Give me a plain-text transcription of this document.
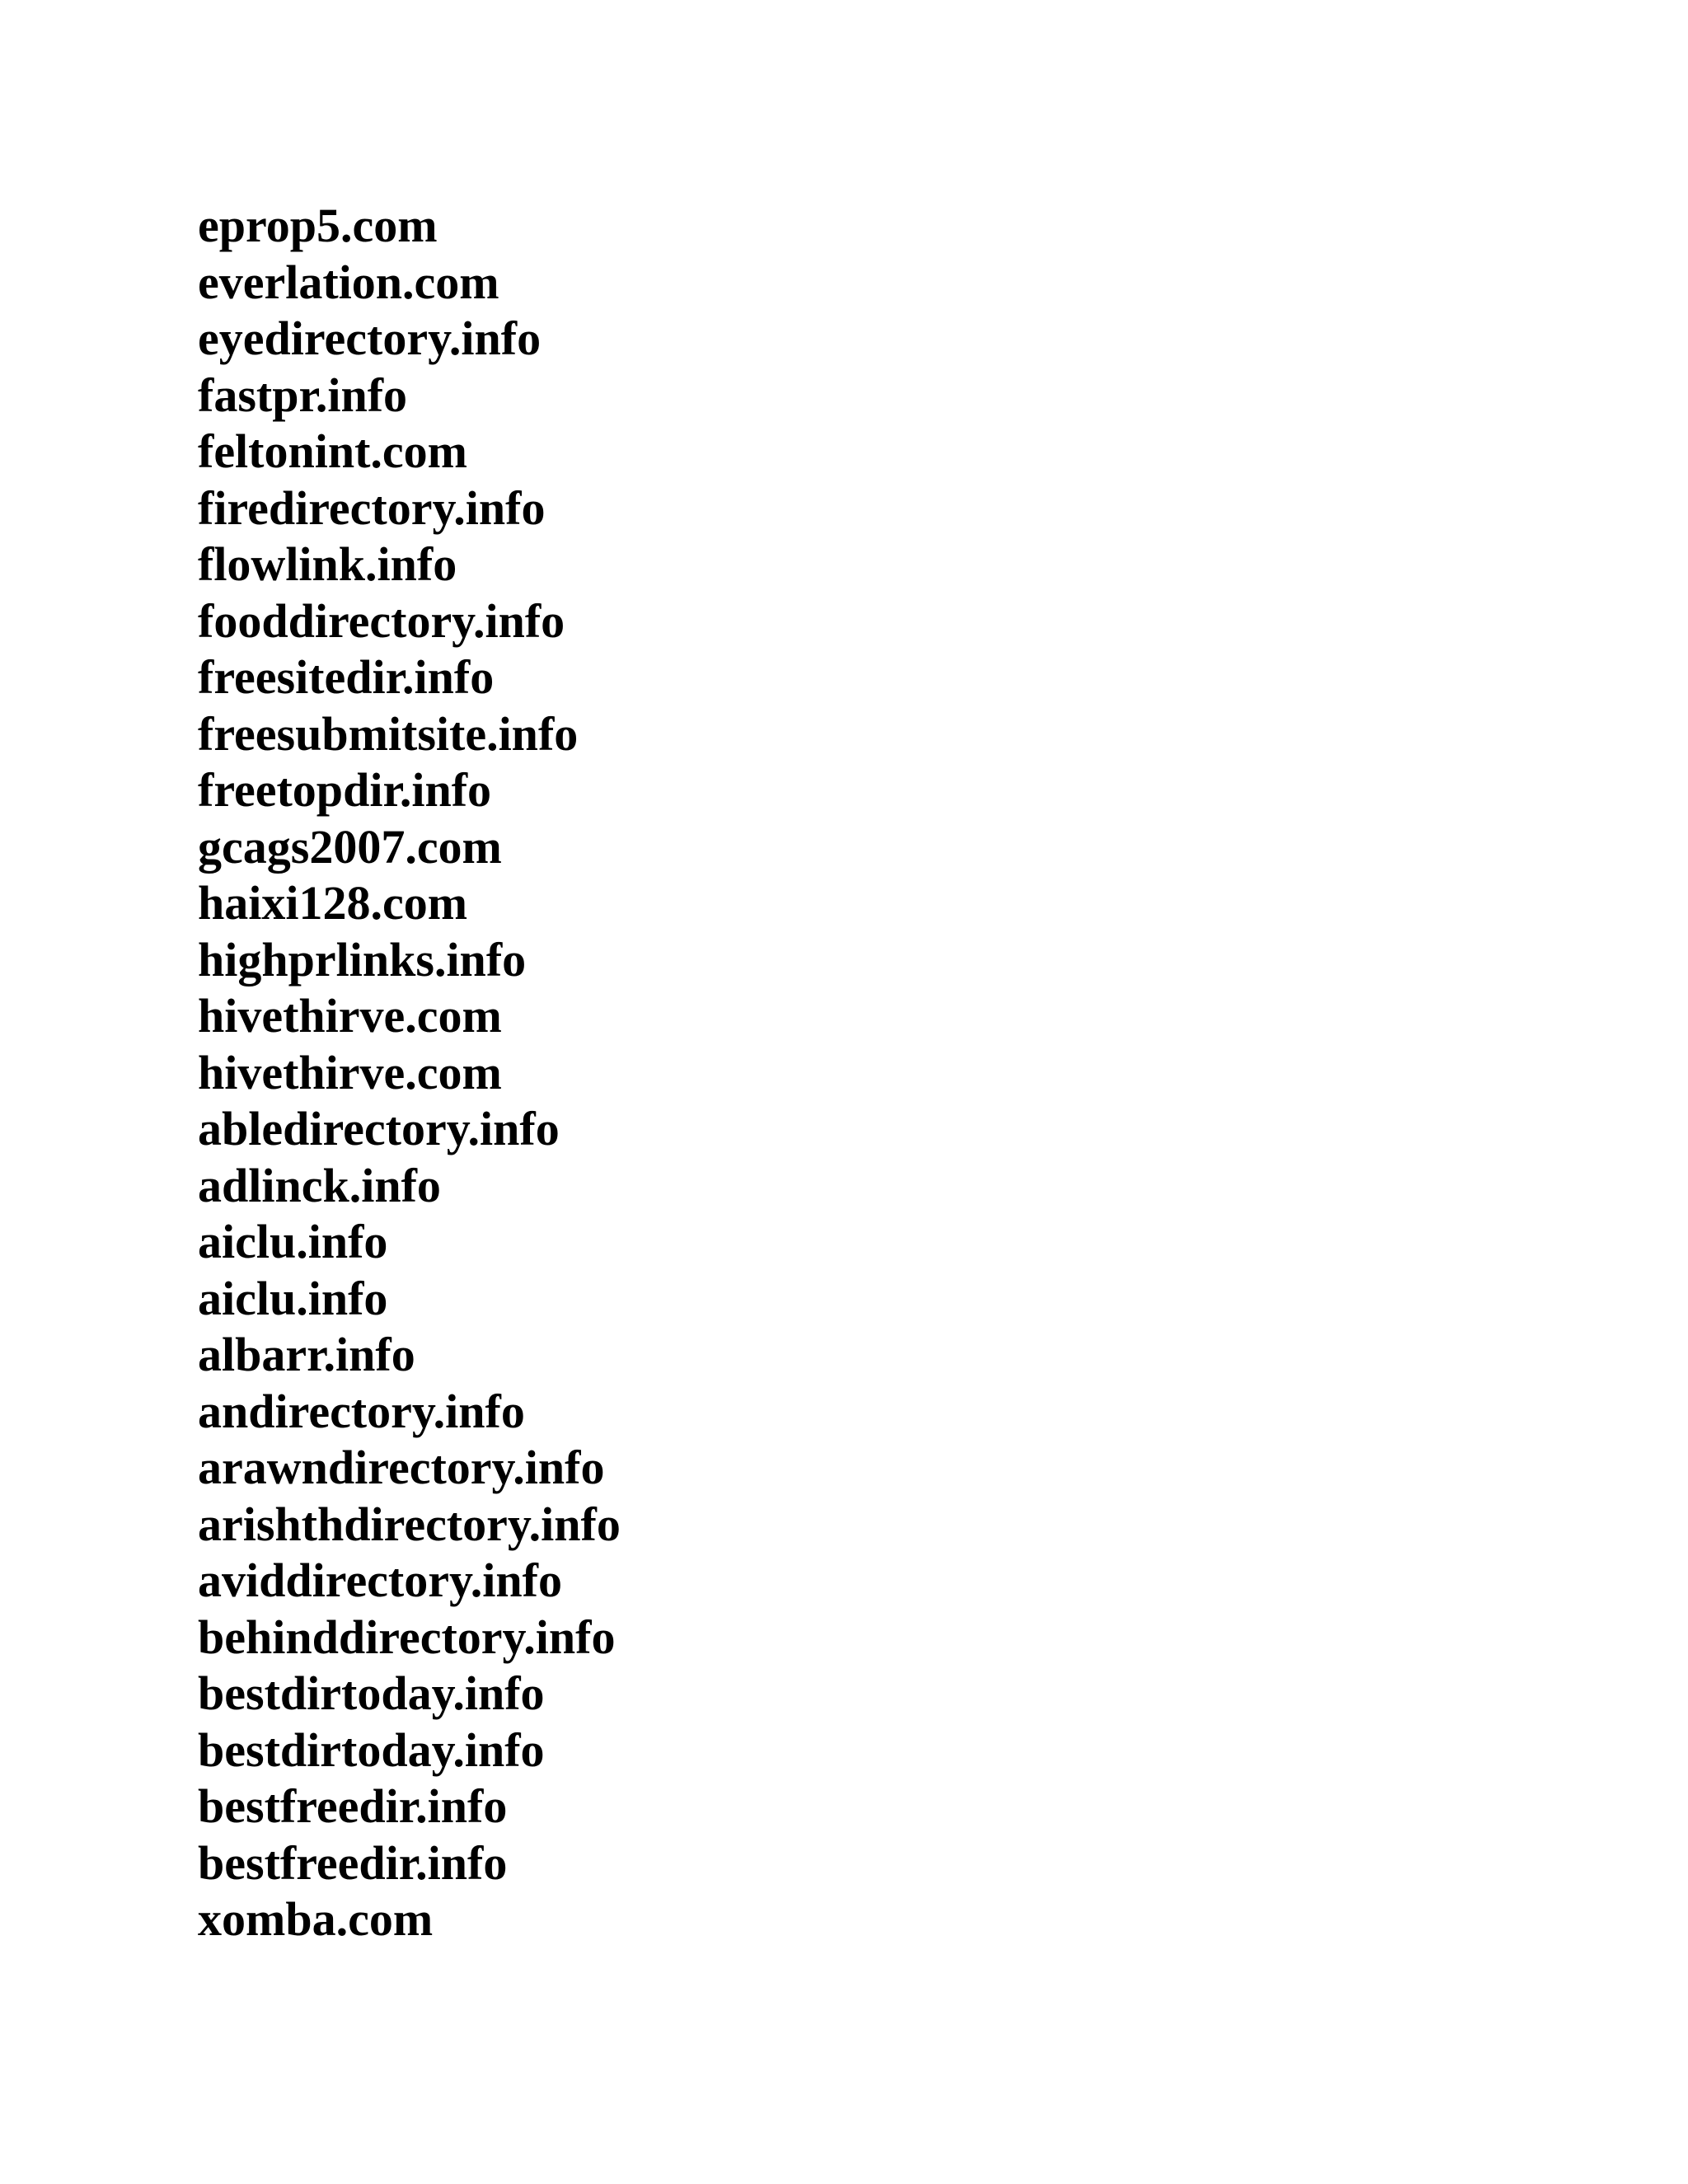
eprop5.com
everlation.com
eyedirectory.info
fastpr.info
feltonint.com
firedirectory.info
flowlink.info
fooddirectory.info
freesitedir.info
freesubmitsite.info
freetopdir.info
gcags2007.com
haixi128.com
highprlinks.info
hivethirve.com
hivethirve.com
abledirectory.info
adlinck.info
aiclu.info
aiclu.info
albarr.info
andirectory.info
arawndirectory.info
arishthdirectory.info
aviddirectory.info
behinddirectory.info
bestdirtoday.info
bestdirtoday.info
bestfreedir.info
bestfreedir.info
xomba.com
